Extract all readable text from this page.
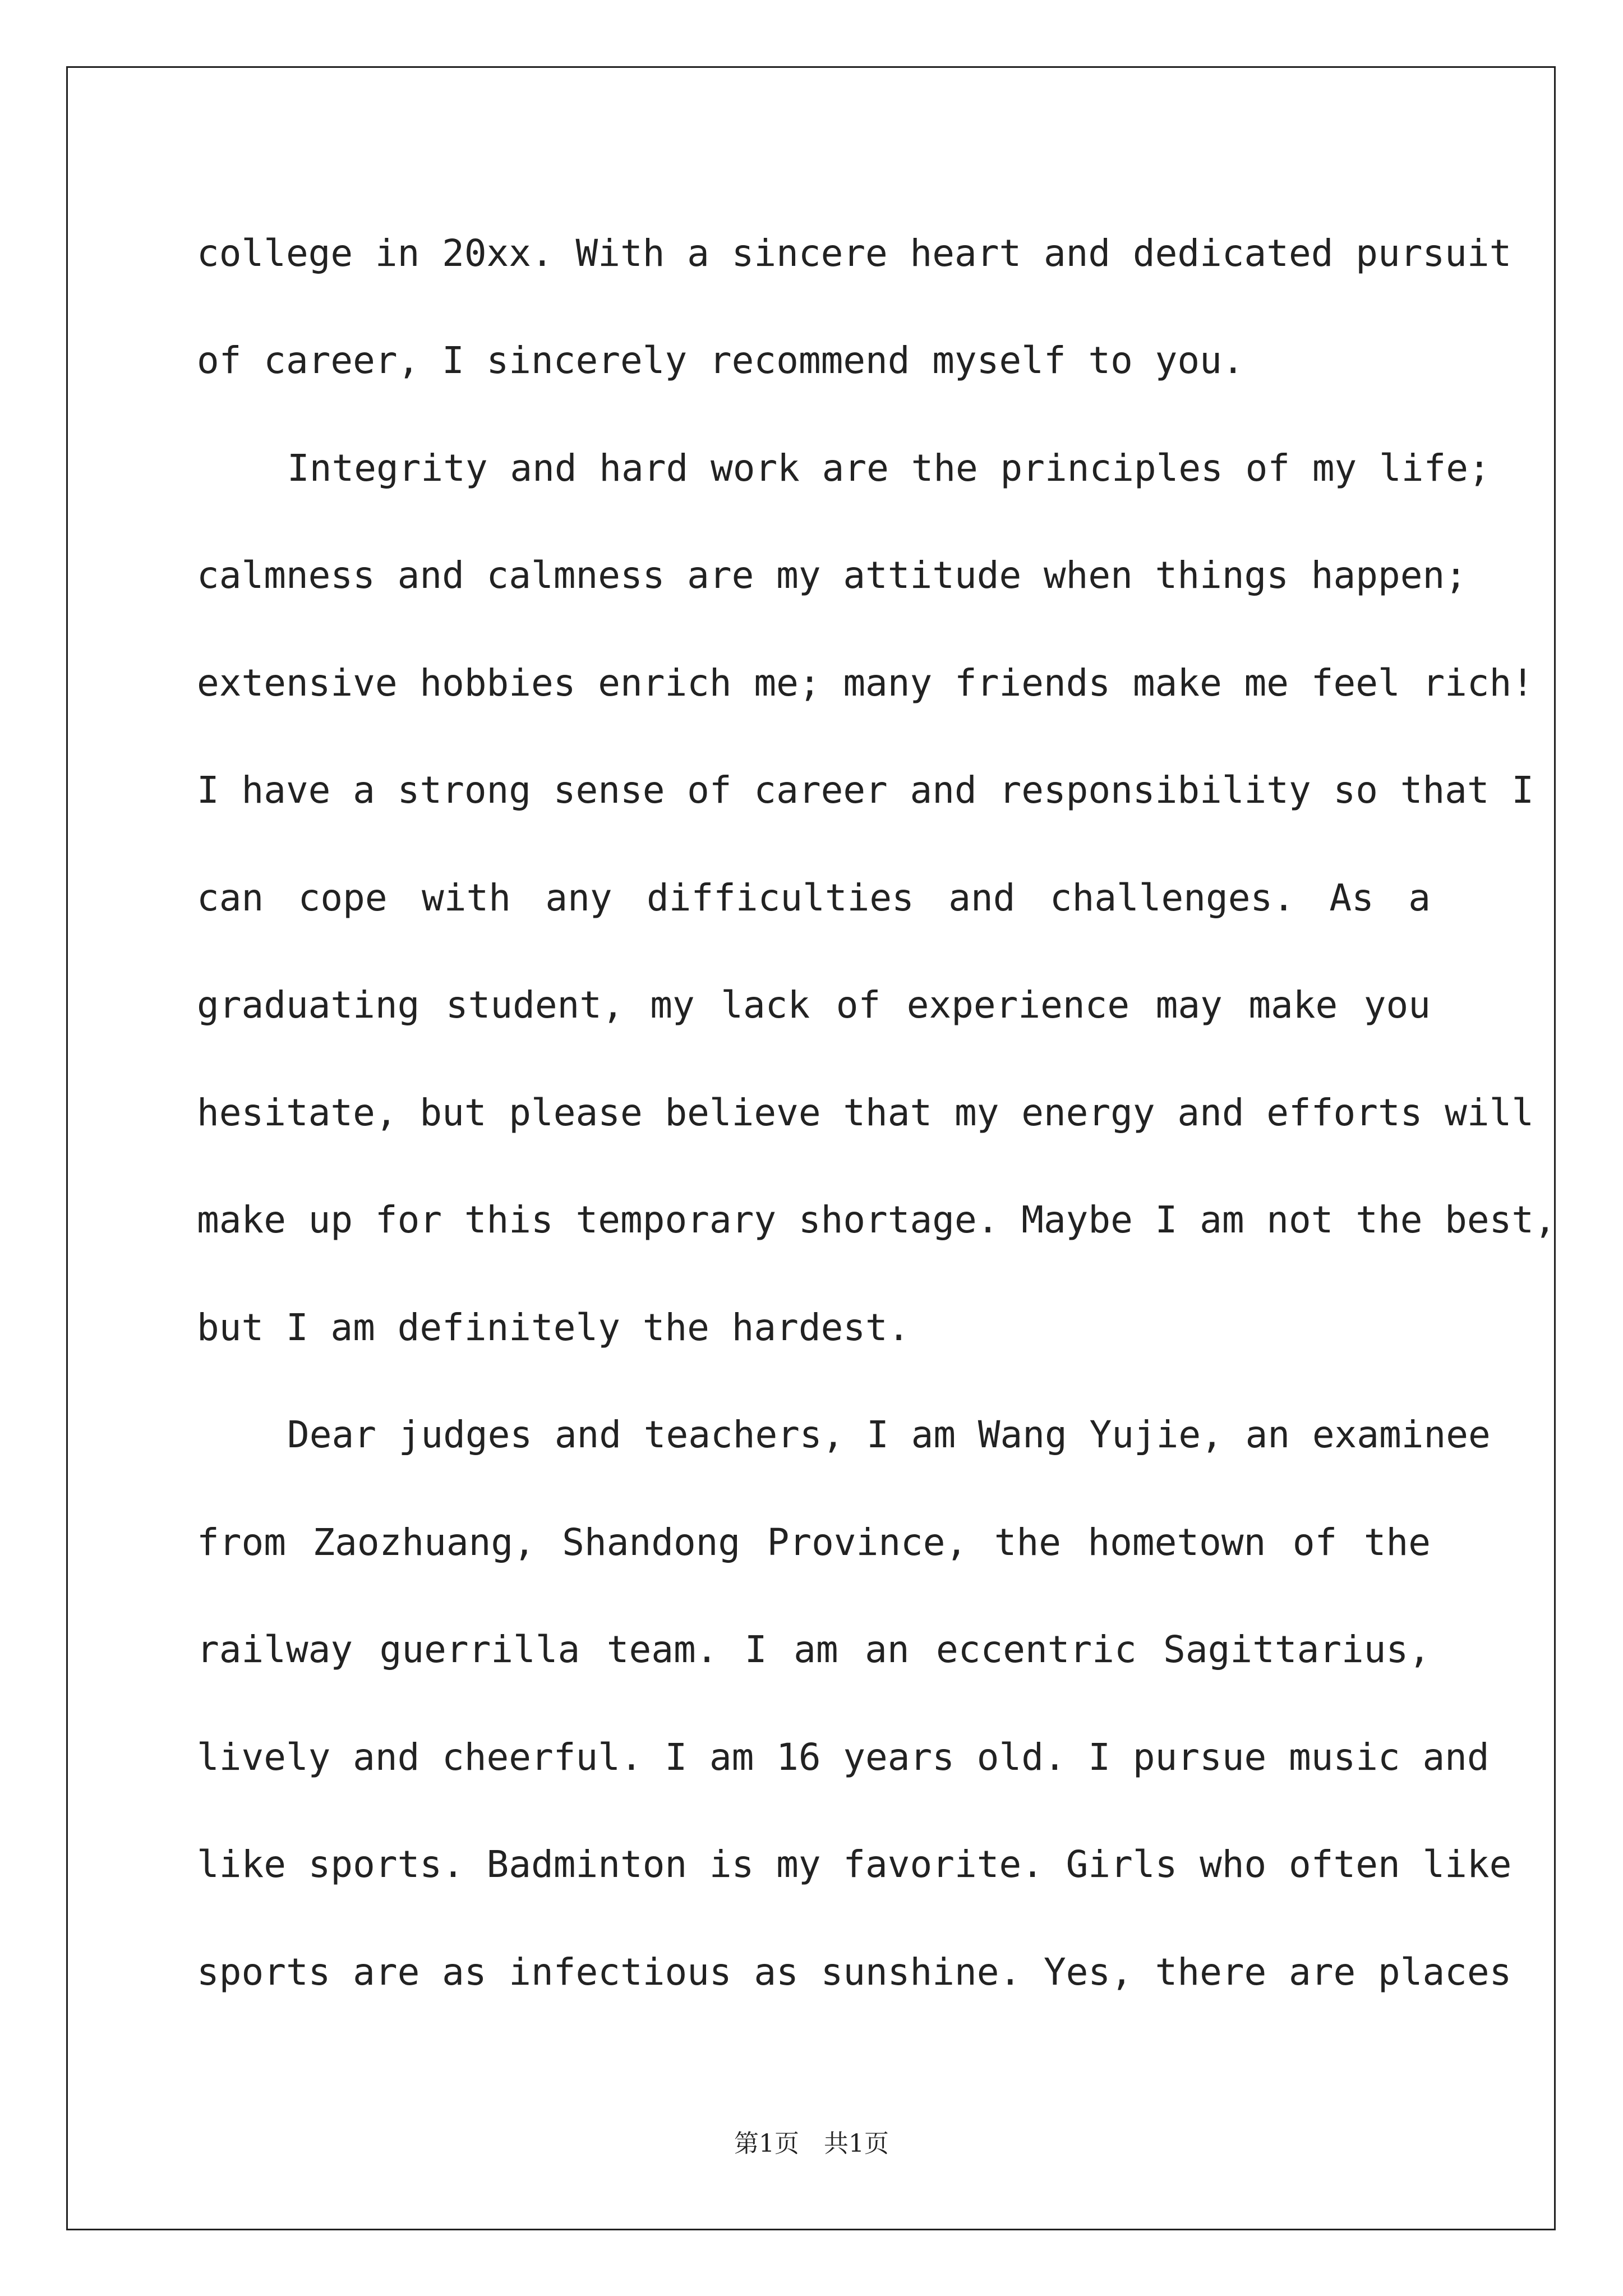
college in 20xx. With a sincere heart and dedicated pursuit
of career, I sincerely recommend myself to you.
Integrity and hard work are the principles of my life;
calmness and calmness are my attitude when things happen;
extensive hobbies enrich me; many friends make me feel rich!
I have a strong sense of career and responsibility so that I
can cope with any difficulties and challenges. As a
graduating student, my lack of experience may make you
hesitate, but please believe that my energy and efforts will
make up for this temporary shortage. Maybe I am not the best,
but I am definitely the hardest.
Dear judges and teachers, I am Wang Yujie, an examinee
from Zaozhuang, Shandong Province, the hometown of the
railway guerrilla team. I am an eccentric Sagittarius,
lively and cheerful. I am 16 years old. I pursue music and
like sports. Badminton is my favorite. Girls who often like
sports are as infectious as sunshine. Yes, there are places
第1页　共1页
